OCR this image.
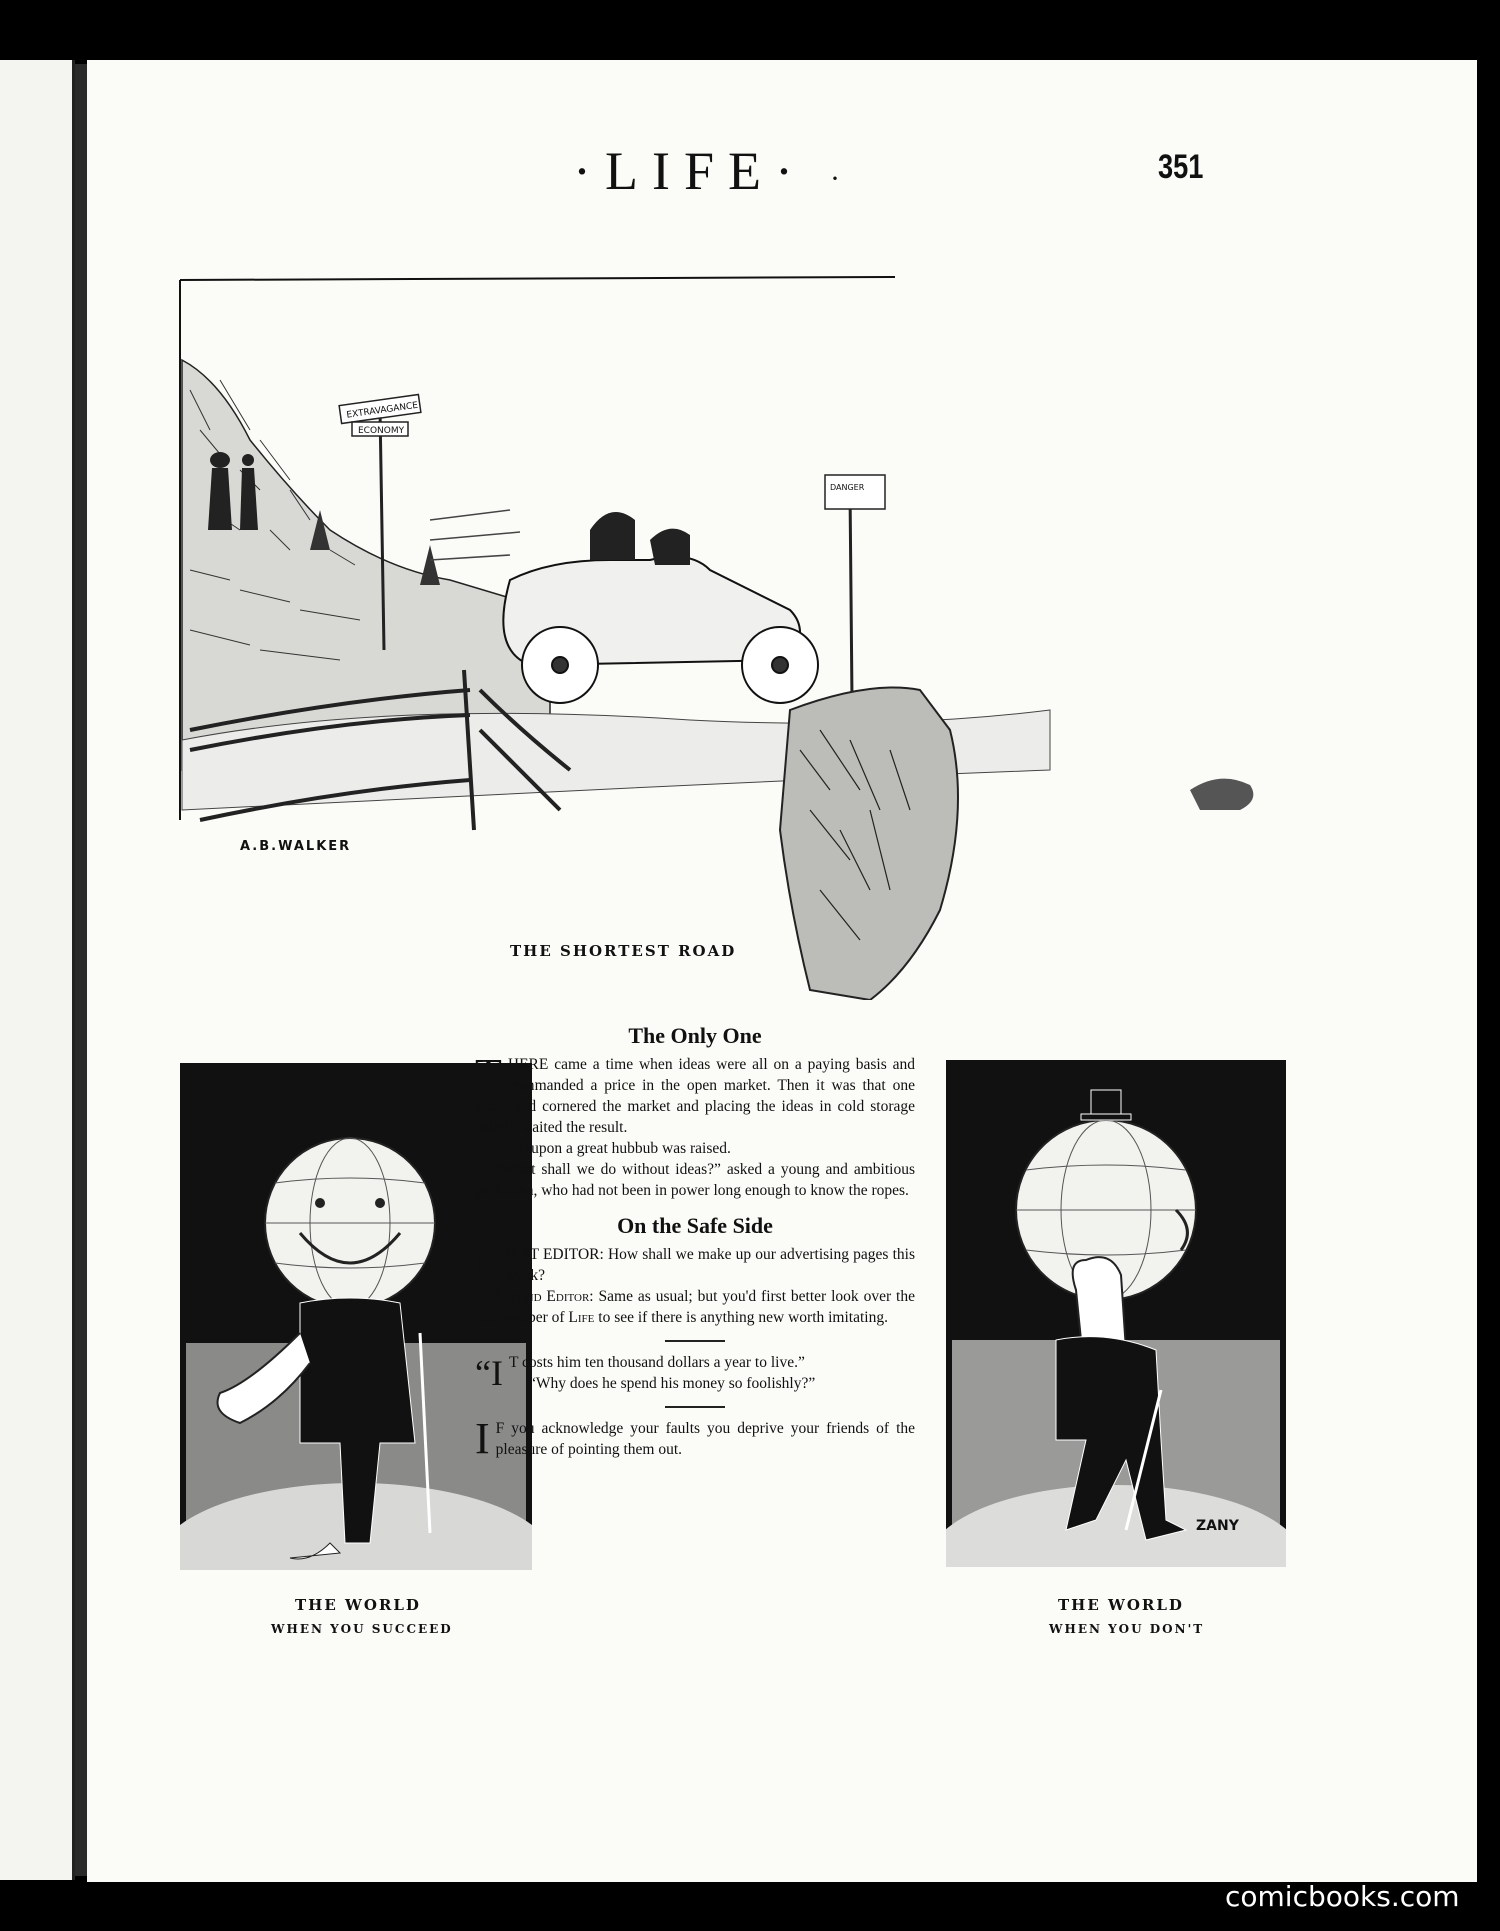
·LIFE· ·	351
EXTRAVAGANCE
ECONOMY
DANGER
A.B.WALKER
THE SHORTEST ROAD
THE WORLD
WHEN YOU SUCCEED
ZANY
THE WORLD
WHEN YOU DON'T
The Only One

THERE came a time when ideas were all on a paying basis and commanded a price in the open market. Then it was that one arose and cornered the market and placing the ideas in cold storage calmly waited the result.

Thereupon a great hubbub was raised.

“What shall we do without ideas?” asked a young and ambitious politician, who had not been in power long enough to know the ropes.

On the Safe Side

FIRST EDITOR: How shall we make up our advertising pages this week?

Second Editor: Same as usual; but you'd first better look over the last number of Life to see if there is anything new worth imitating.

“I T costs him ten thousand dollars a year to live.”

“Why does he spend his money so foolishly?”

I F you acknowledge your faults you deprive your friends of the pleasure of pointing them out.

comicbooks.com
